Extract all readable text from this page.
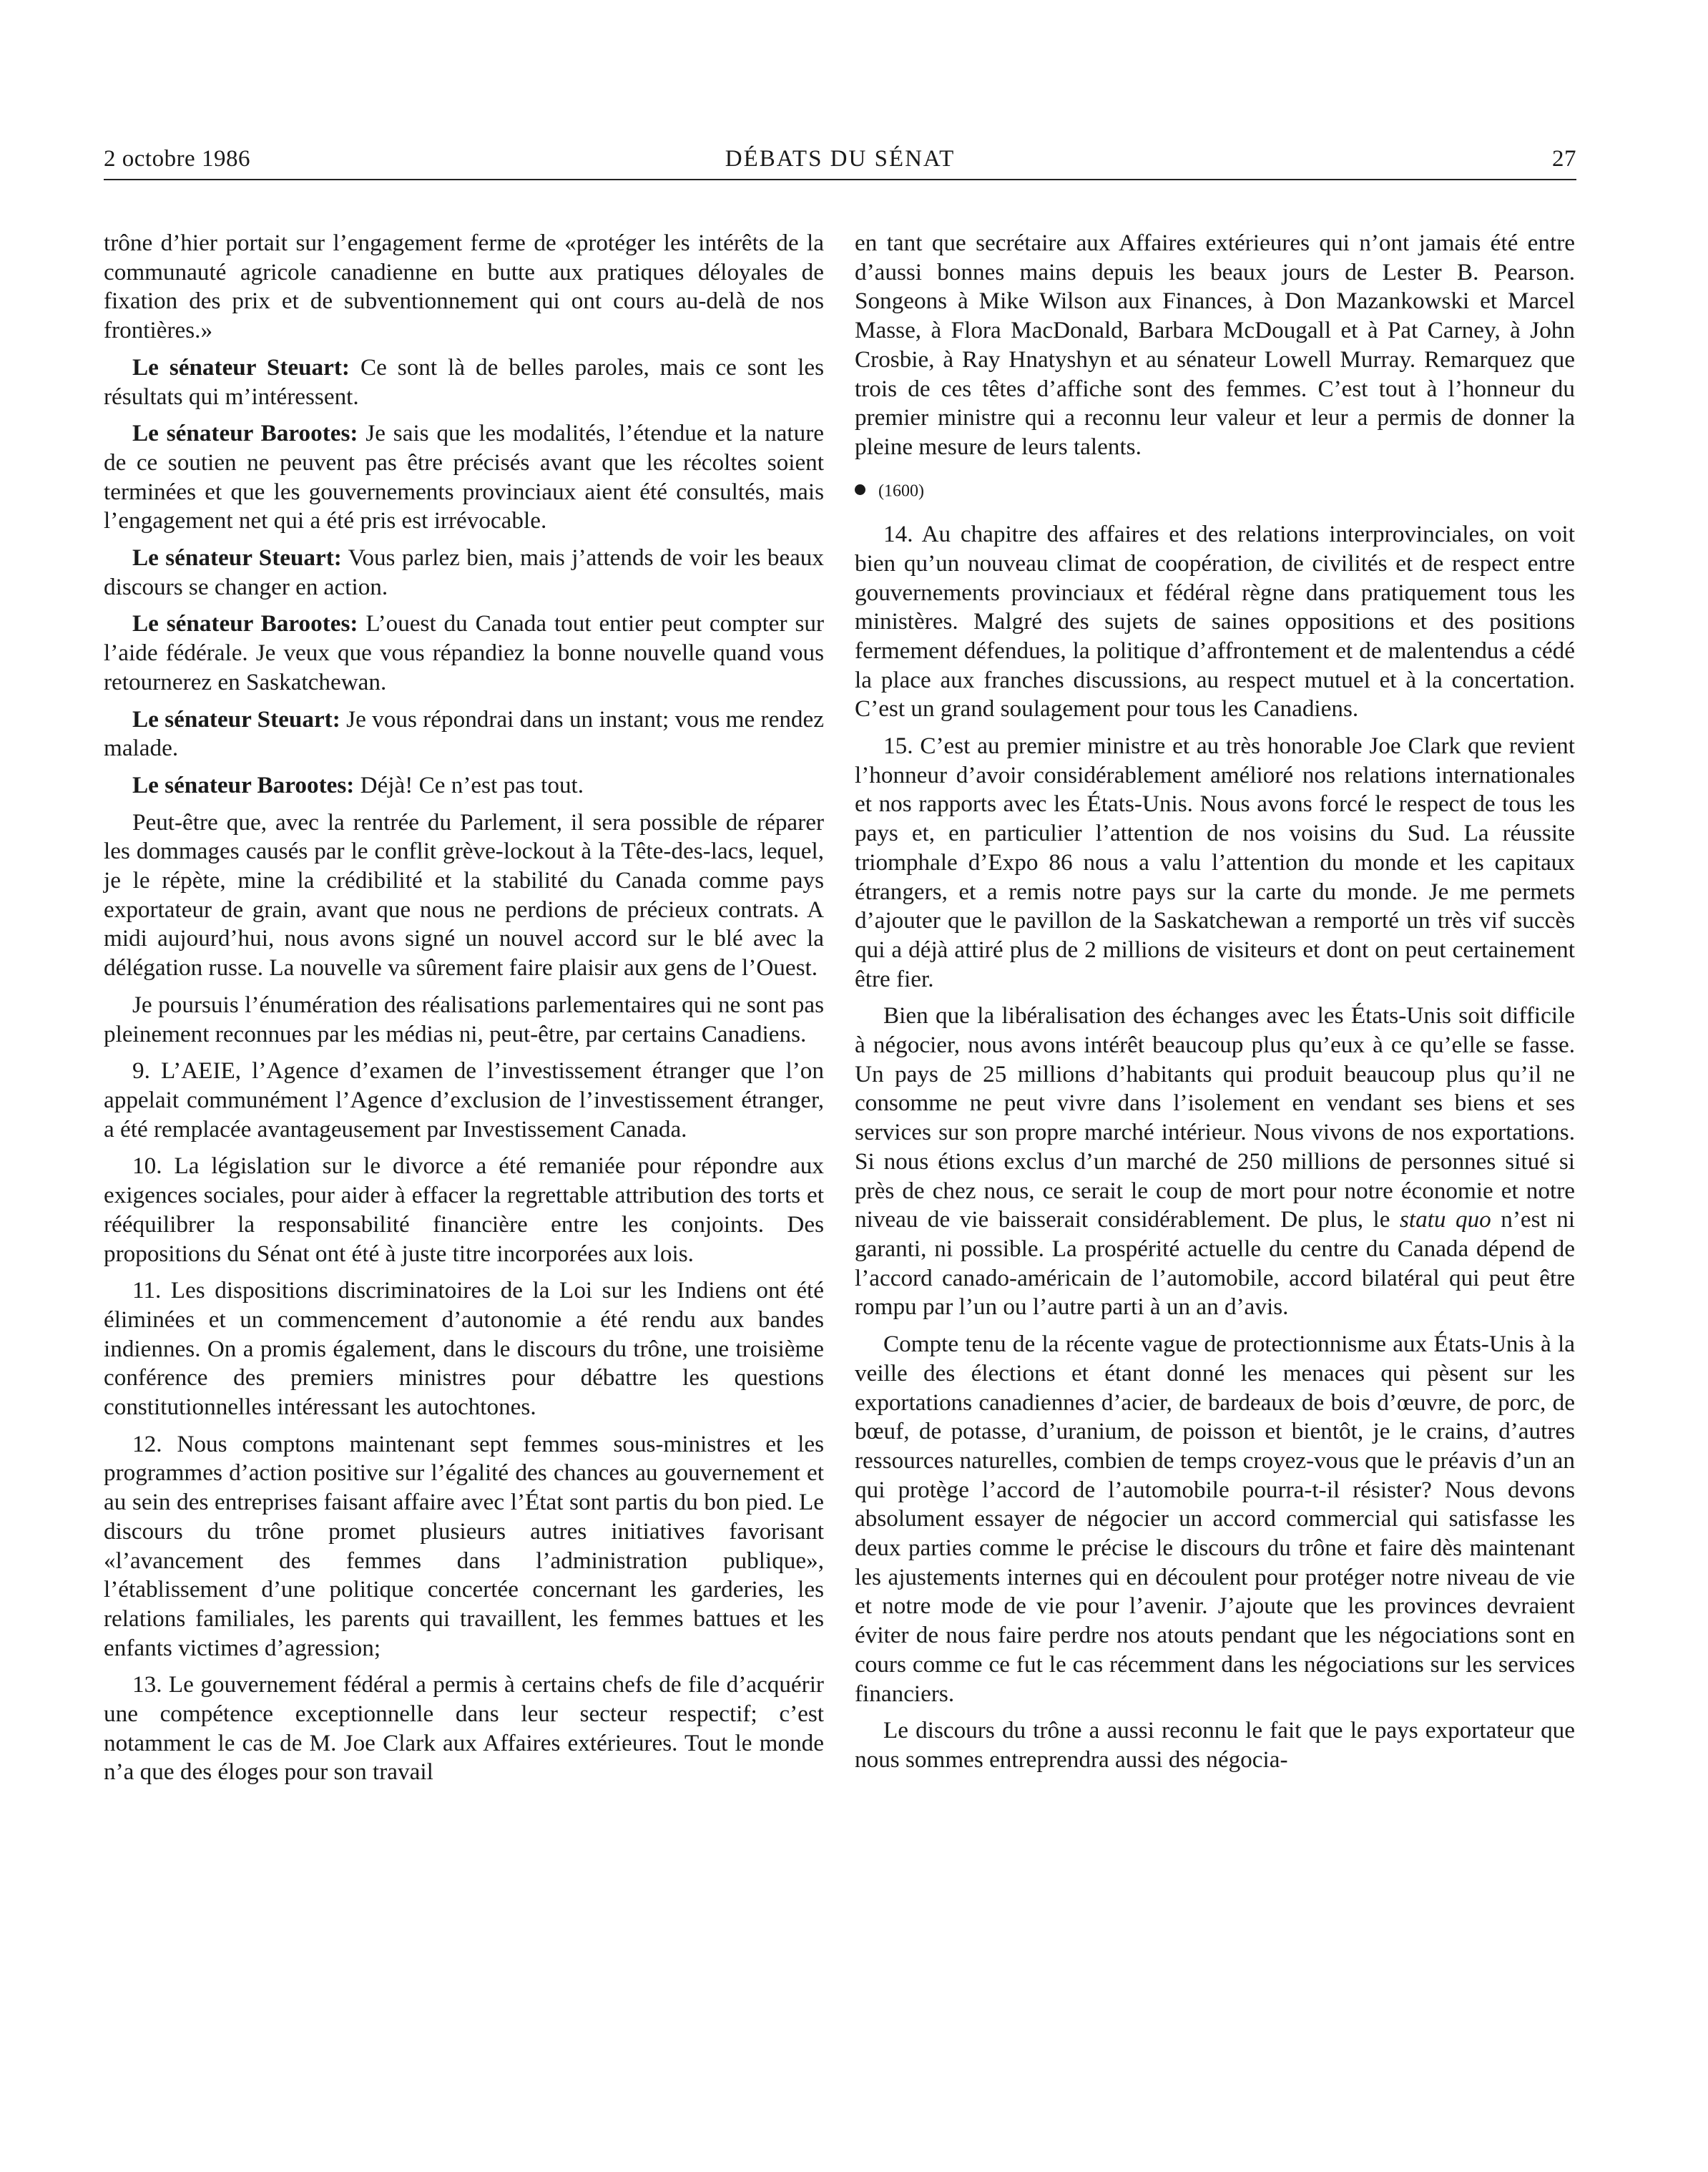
2 octobre 1986	DÉBATS DU SÉNAT	27

trône d’hier portait sur l’engagement ferme de «protéger les intérêts de la communauté agricole canadienne en butte aux pratiques déloyales de fixation des prix et de subventionnement qui ont cours au-delà de nos frontières.»

Le sénateur Steuart: Ce sont là de belles paroles, mais ce sont les résultats qui m’intéressent.

Le sénateur Barootes: Je sais que les modalités, l’étendue et la nature de ce soutien ne peuvent pas être précisés avant que les récoltes soient terminées et que les gouvernements provinciaux aient été consultés, mais l’engagement net qui a été pris est irrévocable.

Le sénateur Steuart: Vous parlez bien, mais j’attends de voir les beaux discours se changer en action.

Le sénateur Barootes: L’ouest du Canada tout entier peut compter sur l’aide fédérale. Je veux que vous répandiez la bonne nouvelle quand vous retournerez en Saskatchewan.

Le sénateur Steuart: Je vous répondrai dans un instant; vous me rendez malade.

Le sénateur Barootes: Déjà! Ce n’est pas tout.

Peut-être que, avec la rentrée du Parlement, il sera possible de réparer les dommages causés par le conflit grève-lockout à la Tête-des-lacs, lequel, je le répète, mine la crédibilité et la stabilité du Canada comme pays exportateur de grain, avant que nous ne perdions de précieux contrats. A midi aujourd’hui, nous avons signé un nouvel accord sur le blé avec la délégation russe. La nouvelle va sûrement faire plaisir aux gens de l’Ouest.

Je poursuis l’énumération des réalisations parlementaires qui ne sont pas pleinement reconnues par les médias ni, peut-être, par certains Canadiens.

9. L’AEIE, l’Agence d’examen de l’investissement étranger que l’on appelait communément l’Agence d’exclusion de l’investissement étranger, a été remplacée avantageusement par Investissement Canada.

10. La législation sur le divorce a été remaniée pour répondre aux exigences sociales, pour aider à effacer la regrettable attribution des torts et rééquilibrer la responsabilité financière entre les conjoints. Des propositions du Sénat ont été à juste titre incorporées aux lois.

11. Les dispositions discriminatoires de la Loi sur les Indiens ont été éliminées et un commencement d’autonomie a été rendu aux bandes indiennes. On a promis également, dans le discours du trône, une troisième conférence des premiers ministres pour débattre les questions constitutionnelles intéressant les autochtones.

12. Nous comptons maintenant sept femmes sous-ministres et les programmes d’action positive sur l’égalité des chances au gouvernement et au sein des entreprises faisant affaire avec l’État sont partis du bon pied. Le discours du trône promet plusieurs autres initiatives favorisant «l’avancement des femmes dans l’administration publique», l’établissement d’une politique concertée concernant les garderies, les relations familiales, les parents qui travaillent, les femmes battues et les enfants victimes d’agression;

13. Le gouvernement fédéral a permis à certains chefs de file d’acquérir une compétence exceptionnelle dans leur secteur respectif; c’est notamment le cas de M. Joe Clark aux Affaires extérieures. Tout le monde n’a que des éloges pour son travail

en tant que secrétaire aux Affaires extérieures qui n’ont jamais été entre d’aussi bonnes mains depuis les beaux jours de Lester B. Pearson. Songeons à Mike Wilson aux Finances, à Don Mazankowski et Marcel Masse, à Flora MacDonald, Barbara McDougall et à Pat Carney, à John Crosbie, à Ray Hnatyshyn et au sénateur Lowell Murray. Remarquez que trois de ces têtes d’affiche sont des femmes. C’est tout à l’honneur du premier ministre qui a reconnu leur valeur et leur a permis de donner la pleine mesure de leurs talents.

(1600)

14. Au chapitre des affaires et des relations interprovinciales, on voit bien qu’un nouveau climat de coopération, de civilités et de respect entre gouvernements provinciaux et fédéral règne dans pratiquement tous les ministères. Malgré des sujets de saines oppositions et des positions fermement défendues, la politique d’affrontement et de malentendus a cédé la place aux franches discussions, au respect mutuel et à la concertation. C’est un grand soulagement pour tous les Canadiens.

15. C’est au premier ministre et au très honorable Joe Clark que revient l’honneur d’avoir considérablement amélioré nos relations internationales et nos rapports avec les États-Unis. Nous avons forcé le respect de tous les pays et, en particulier l’attention de nos voisins du Sud. La réussite triomphale d’Expo 86 nous a valu l’attention du monde et les capitaux étrangers, et a remis notre pays sur la carte du monde. Je me permets d’ajouter que le pavillon de la Saskatchewan a remporté un très vif succès qui a déjà attiré plus de 2 millions de visiteurs et dont on peut certainement être fier.

Bien que la libéralisation des échanges avec les États-Unis soit difficile à négocier, nous avons intérêt beaucoup plus qu’eux à ce qu’elle se fasse. Un pays de 25 millions d’habitants qui produit beaucoup plus qu’il ne consomme ne peut vivre dans l’isolement en vendant ses biens et ses services sur son propre marché intérieur. Nous vivons de nos exportations. Si nous étions exclus d’un marché de 250 millions de personnes situé si près de chez nous, ce serait le coup de mort pour notre économie et notre niveau de vie baisserait considérablement. De plus, le statu quo n’est ni garanti, ni possible. La prospérité actuelle du centre du Canada dépend de l’accord canado-américain de l’automobile, accord bilatéral qui peut être rompu par l’un ou l’autre parti à un an d’avis.

Compte tenu de la récente vague de protectionnisme aux États-Unis à la veille des élections et étant donné les menaces qui pèsent sur les exportations canadiennes d’acier, de bardeaux de bois d’œuvre, de porc, de bœuf, de potasse, d’uranium, de poisson et bientôt, je le crains, d’autres ressources naturelles, combien de temps croyez-vous que le préavis d’un an qui protège l’accord de l’automobile pourra-t-il résister? Nous devons absolument essayer de négocier un accord commercial qui satisfasse les deux parties comme le précise le discours du trône et faire dès maintenant les ajustements internes qui en découlent pour protéger notre niveau de vie et notre mode de vie pour l’avenir. J’ajoute que les provinces devraient éviter de nous faire perdre nos atouts pendant que les négociations sont en cours comme ce fut le cas récemment dans les négociations sur les services financiers.

Le discours du trône a aussi reconnu le fait que le pays exportateur que nous sommes entreprendra aussi des négocia-
